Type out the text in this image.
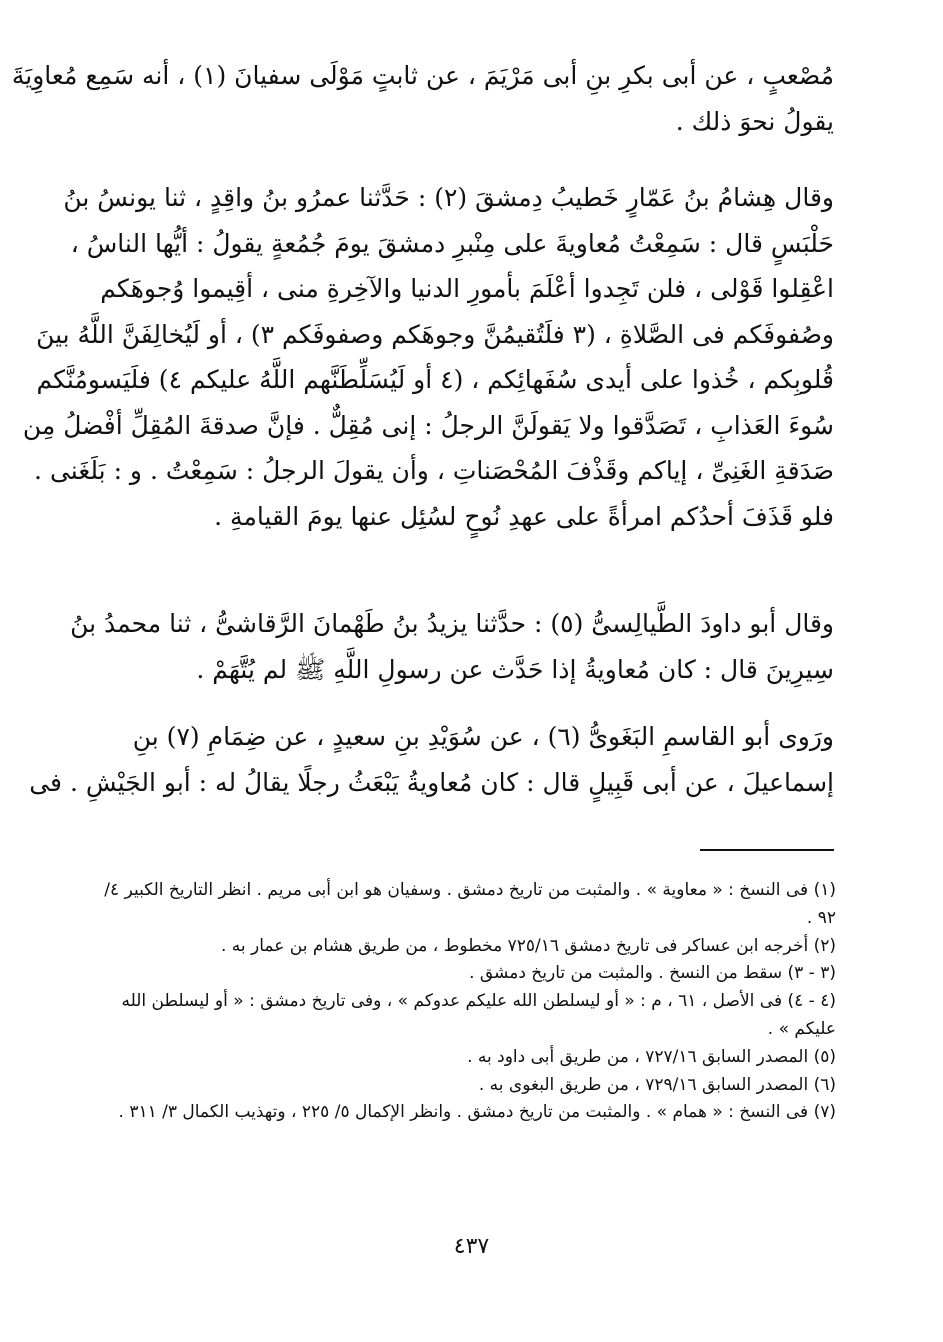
مُصْعبٍ ، عن أبى بكرِ بنِ أبى مَرْيَمَ ، عن ثابتٍ مَوْلَى سفيانَ (١) ، أنه سَمِع مُعاوِيَةَ
يقولُ نحوَ ذلك .

وقال هِشامُ بنُ عَمّارٍ خَطيبُ دِمشقَ (٢) : حَدَّثنا عمرُو بنُ واقِدٍ ، ثنا يونسُ بنُ
حَلْبَسٍ قال : سَمِعْتُ مُعاويةَ على مِنْبرِ دمشقَ يومَ جُمُعةٍ يقولُ : أيُّها الناسُ ،
اعْقِلوا قَوْلى ، فلن تَجِدوا أعْلَمَ بأمورِ الدنيا والآخِرةِ منى ، أقِيموا وُجوهَكم
وصُفوفَكم فى الصَّلاةِ ، (٣ فلَتُقيمُنَّ وجوهَكم وصفوفَكم ٣) ، أو لَيُخالِفَنَّ اللَّهُ بينَ
قُلوبِكم ، خُذوا على أيدى سُفَهائِكم ، (٤ أو لَيُسَلِّطَنَّهم اللَّهُ عليكم ٤) فلَيَسومُنَّكم
سُوءَ العَذابِ ، تَصَدَّقوا ولا يَقولَنَّ الرجلُ : إنى مُقِلٌّ . فإنَّ صدقةَ المُقِلِّ أفْضلُ مِن
صَدَقةِ الغَنِىِّ ، إياكم وقَذْفَ المُحْصَناتِ ، وأن يقولَ الرجلُ : سَمِعْتُ . و : بَلَغَنى .
فلو قَذَفَ أحدُكم امرأةً على عهدِ نُوحٍ لسُئِل عنها يومَ القيامةِ .

وقال أبو داودَ الطَّيالِسىُّ (٥) : حدَّثنا يزيدُ بنُ طَهْمانَ الرَّقاشىُّ ، ثنا محمدُ بنُ
سِيرِينَ قال : كان مُعاويةُ إذا حَدَّث عن رسولِ اللَّهِ ﷺ لم يُتَّهَمْ .

ورَوى أبو القاسمِ البَغَوىُّ (٦) ، عن سُوَيْدِ بنِ سعيدٍ ، عن ضِمَامِ (٧) بنِ
إسماعيلَ ، عن أبى قَبِيلٍ قال : كان مُعاويةُ يَبْعَثُ رجلًا يقالُ له : أبو الجَيْشِ . فى

(١) فى النسخ : « معاوية » . والمثبت من تاريخ دمشق . وسفيان هو ابن أبى مريم . انظر التاريخ الكبير ٤/
٩٢ .
(٢) أخرجه ابن عساكر فى تاريخ دمشق ٧٢٥/١٦ مخطوط ، من طريق هشام بن عمار به .
(٣ - ٣) سقط من النسخ . والمثبت من تاريخ دمشق .
(٤ - ٤) فى الأصل ، ٦١ ، م : « أو ليسلطن الله عليكم عدوكم » ، وفى تاريخ دمشق : « أو ليسلطن الله
عليكم » .
(٥) المصدر السابق ٧٢٧/١٦ ، من طريق أبى داود به .
(٦) المصدر السابق ٧٢٩/١٦ ، من طريق البغوى به .
(٧) فى النسخ : « همام » . والمثبت من تاريخ دمشق . وانظر الإكمال ٥/ ٢٢٥ ، وتهذيب الكمال ٣/ ٣١١ .
٤٣٧
